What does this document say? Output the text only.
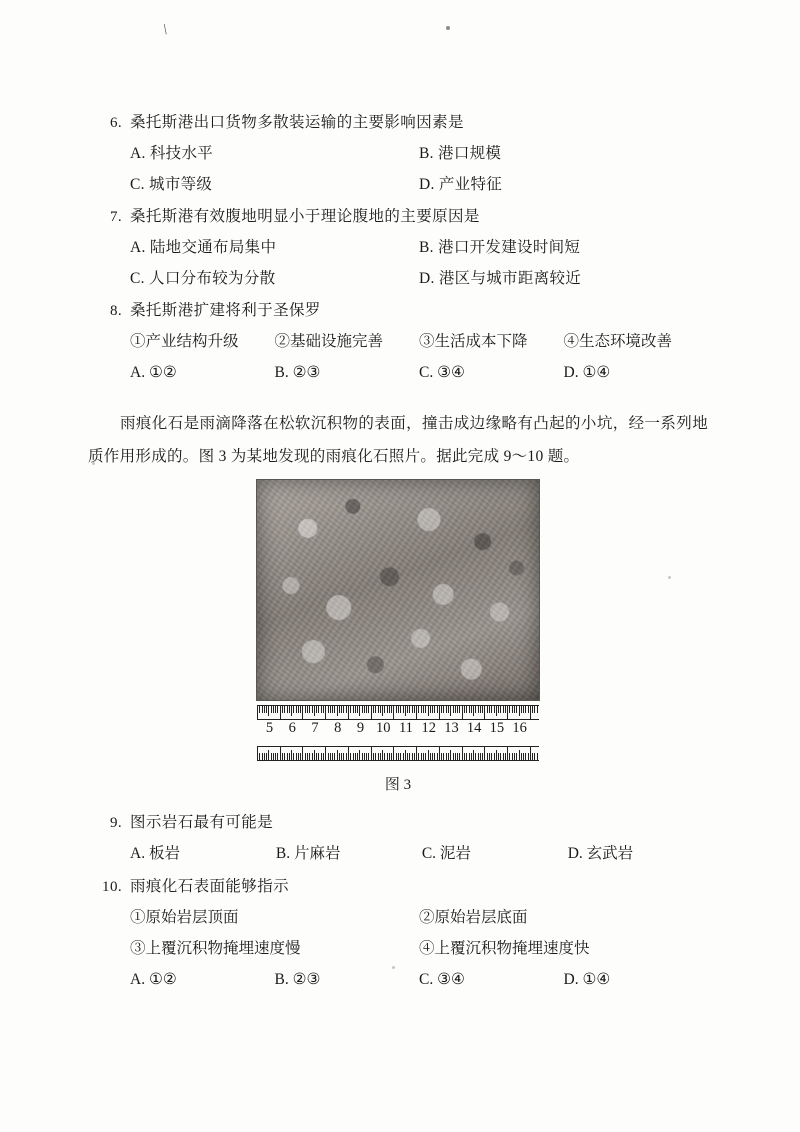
\
6. 桑托斯港出口货物多散装运输的主要影响因素是
A. 科技水平	B. 港口规模
C. 城市等级	D. 产业特征
7. 桑托斯港有效腹地明显小于理论腹地的主要原因是
A. 陆地交通布局集中	B. 港口开发建设时间短
C. 人口分布较为分散	D. 港区与城市距离较近
8. 桑托斯港扩建将利于圣保罗
①产业结构升级	②基础设施完善	③生活成本下降	④生态环境改善
A. ①②	B. ②③	C. ③④	D. ①④
雨痕化石是雨滴降落在松软沉积物的表面，撞击成边缘略有凸起的小坑，经一系列地质作用形成的。图 3 为某地发现的雨痕化石照片。据此完成 9～10 题。
5 6 7 8 9 10 11 12 13 14 15 16
图 3
9. 图示岩石最有可能是
A. 板岩	B. 片麻岩	C. 泥岩	D. 玄武岩
10. 雨痕化石表面能够指示
①原始岩层顶面	②原始岩层底面
③上覆沉积物掩埋速度慢	④上覆沉积物掩埋速度快
A. ①②	B. ②③	C. ③④	D. ①④
